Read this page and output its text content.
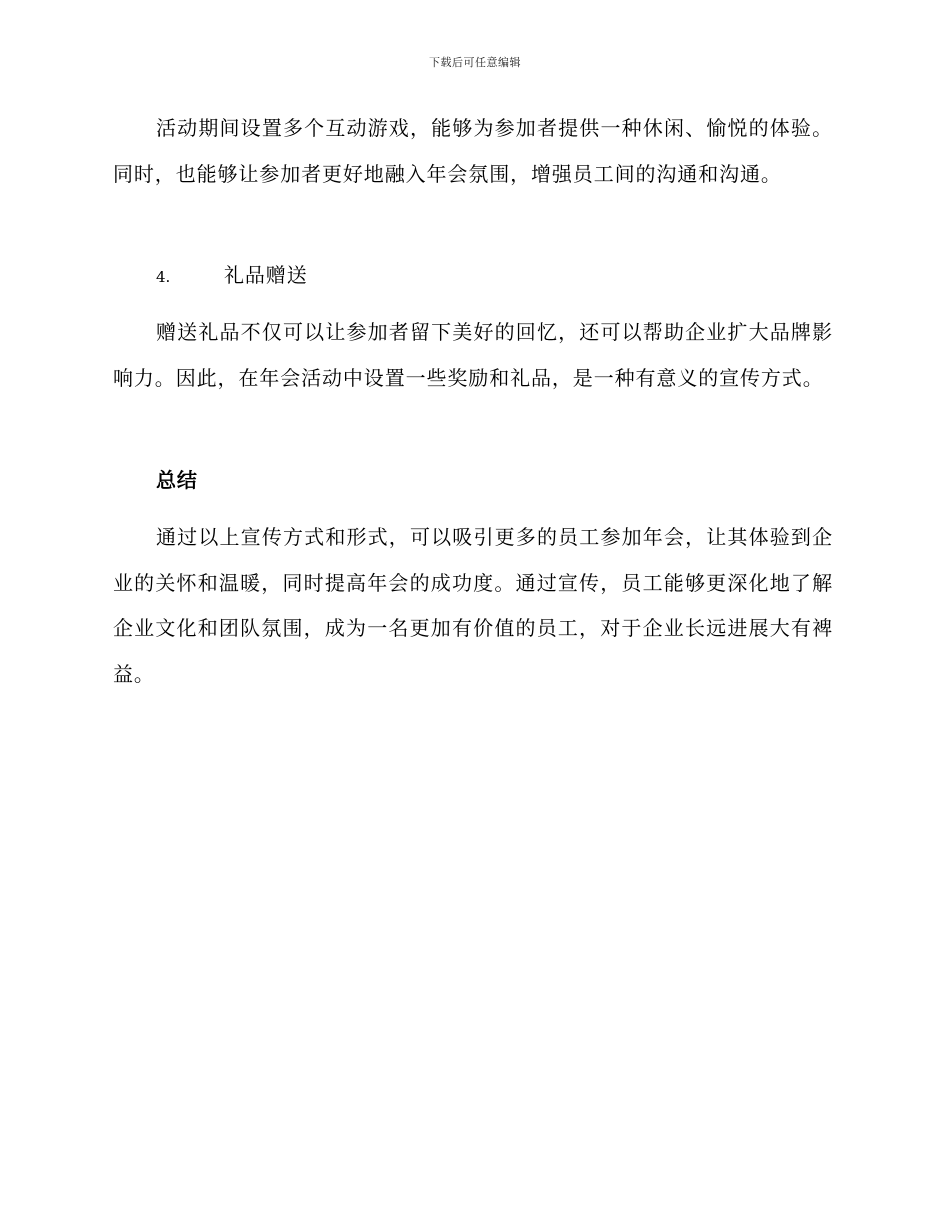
下载后可任意编辑

活动期间设置多个互动游戏，能够为参加者提供一种休闲、愉悦的体验。同时，也能够让参加者更好地融入年会氛围，增强员工间的沟通和沟通。

4.	礼品赠送

赠送礼品不仅可以让参加者留下美好的回忆，还可以帮助企业扩大品牌影响力。因此，在年会活动中设置一些奖励和礼品，是一种有意义的宣传方式。

总结

通过以上宣传方式和形式，可以吸引更多的员工参加年会，让其体验到企业的关怀和温暖，同时提高年会的成功度。通过宣传，员工能够更深化地了解企业文化和团队氛围，成为一名更加有价值的员工，对于企业长远进展大有裨益。
